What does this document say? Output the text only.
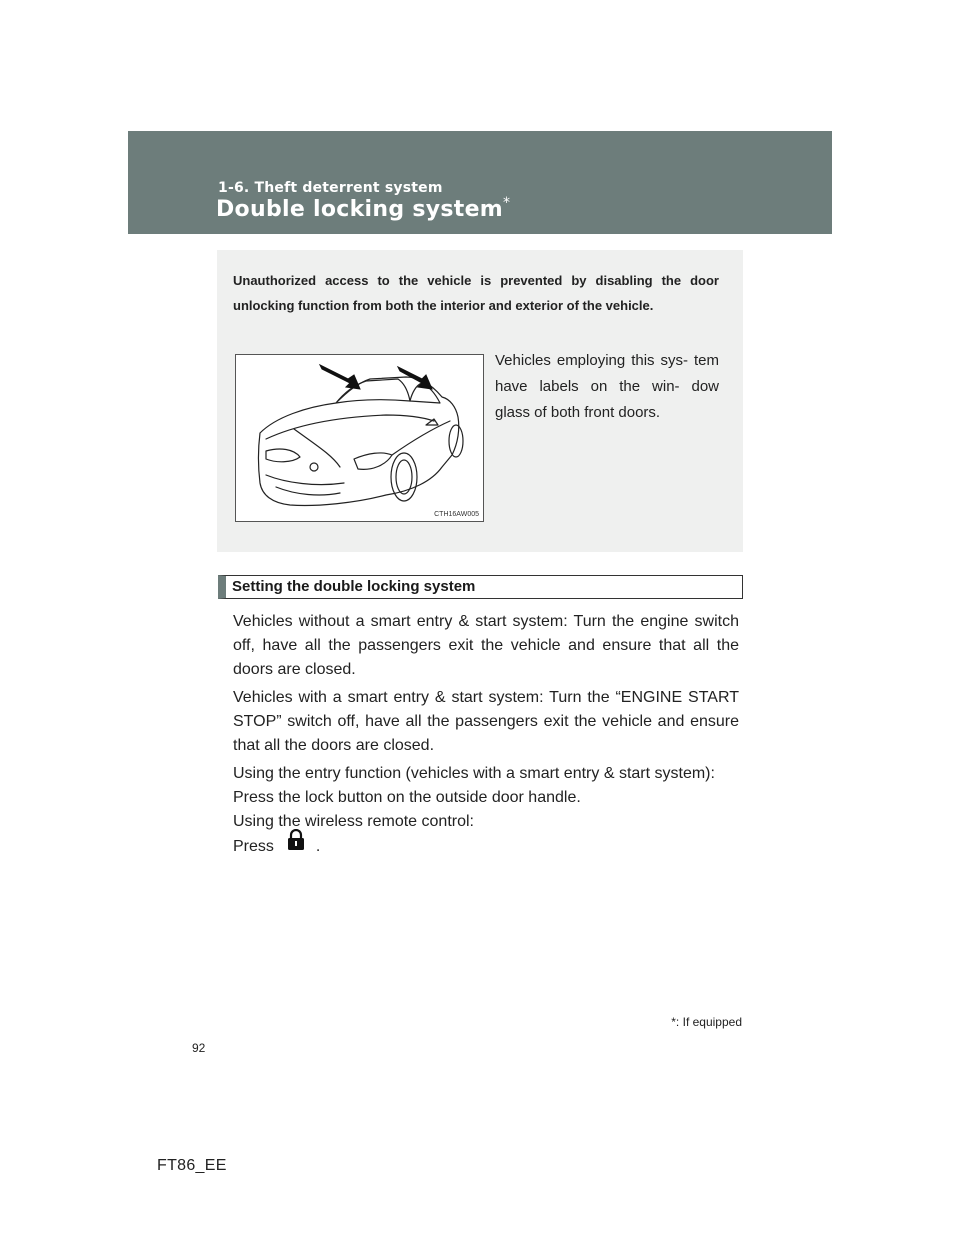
1-6. Theft deterrent system
Double locking system*
Unauthorized access to the vehicle is prevented by disabling the door unlocking function from both the interior and exterior of the vehicle.
CTH16AW005
Vehicles employing this sys- tem have labels on the win- dow glass of both front doors.
Setting the double locking system

Vehicles without a smart entry & start system: Turn the engine switch off, have all the passengers exit the vehicle and ensure that all the doors are closed.

Vehicles with a smart entry & start system: Turn the “ENGINE START STOP” switch off, have all the passengers exit the vehicle and ensure that all the doors are closed.

Using the entry function (vehicles with a smart entry & start system):
Press the lock button on the outside door handle.
Using the wireless remote control:
Press	.
*: If equipped
92
FT86_EE
